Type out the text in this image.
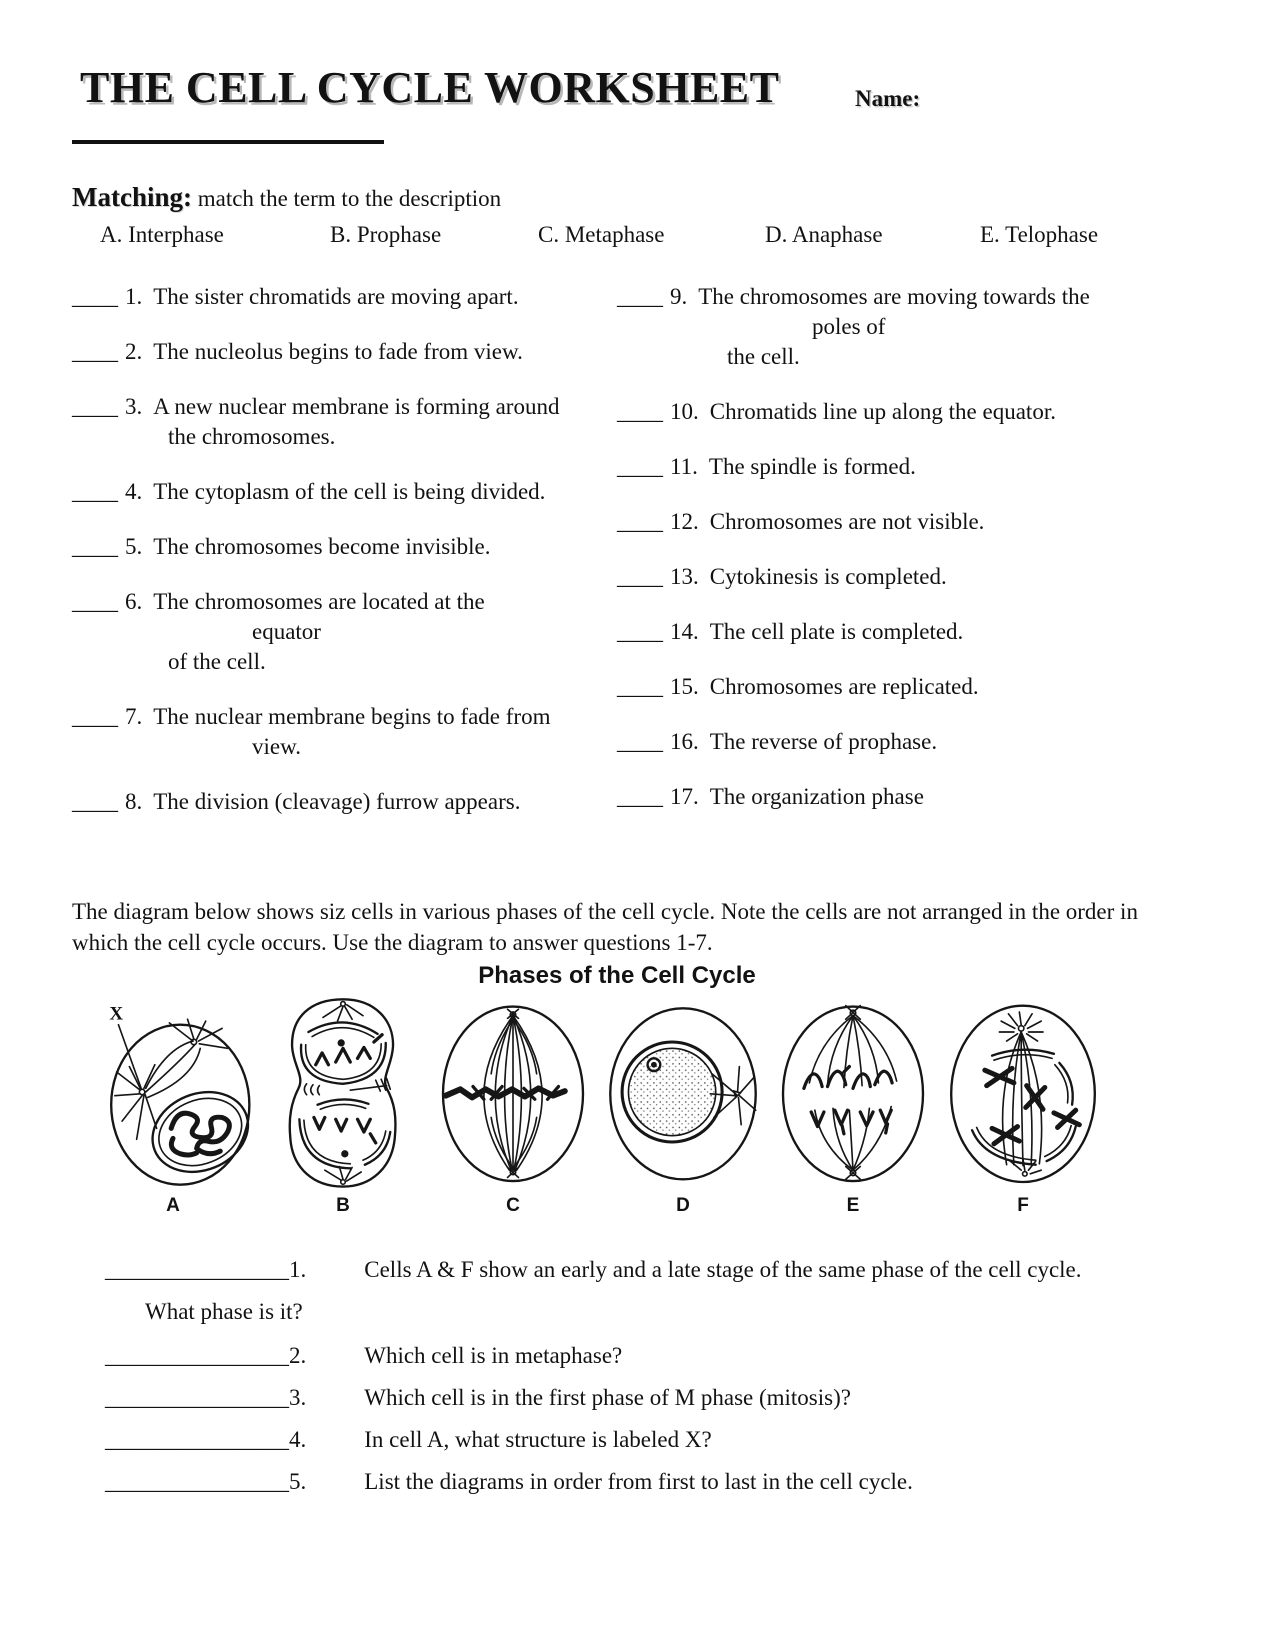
THE CELL CYCLE WORKSHEET	Name:
Matching: match the term to the description
A. Interphase	B. Prophase	C. Metaphase	D. Anaphase	E. Telophase
____ 1. The sister chromatids are moving apart.
____ 2. The nucleolus begins to fade from view.
____ 3. A new nuclear membrane is forming around
the chromosomes.
____ 4. The cytoplasm of the cell is being divided.
____ 5. The chromosomes become invisible.
____ 6. The chromosomes are located at the
equator
of the cell.
____ 7. The nuclear membrane begins to fade from
view.
____ 8. The division (cleavage) furrow appears.
____ 9. The chromosomes are moving towards the
poles of
the cell.
____ 10. Chromatids line up along the equator.
____ 11. The spindle is formed.
____ 12. Chromosomes are not visible.
____ 13. Cytokinesis is completed.
____ 14. The cell plate is completed.
____ 15. Chromosomes are replicated.
____ 16. The reverse of prophase.
____ 17. The organization phase
The diagram below shows siz cells in various phases of the cell cycle. Note the cells are not arranged in the order in which the cell cycle occurs. Use the diagram to answer questions 1-7.
Phases of the Cell Cycle
X
A	B	C	D	E	F
________________1.	Cells A & F show an early and a late stage of the same phase of the cell cycle.
What phase is it?
________________2.	Which cell is in metaphase?
________________3.	Which cell is in the first phase of M phase (mitosis)?
________________4.	In cell A, what structure is labeled X?
________________5.	List the diagrams in order from first to last in the cell cycle.
